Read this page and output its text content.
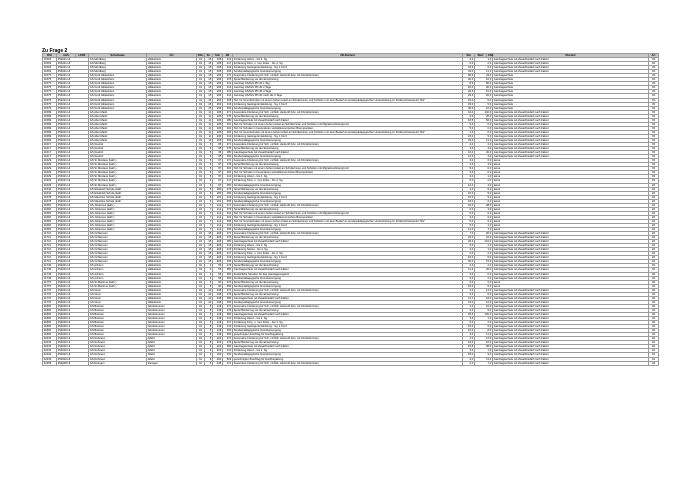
Zu Frage 2
DSt	AGS	LKRZ	Schulname	Ort	SGL	KL	Sch	ZB	ZB-Klartext	Std	Wert	ANZ	Klartext	Art
11563	254021 HI		GS Mordberg	Hildesheim	01	15	006	413	Förderung Hören - bis 4. Sg.	3,0	1,0		Ganztagsschule mit Zusatzbedarf nach Faktor	03
11563	254021 HI		GS Mordberg	Hildesheim	01	15	006	417	Förderung Körp. u. mot. Entw. - bis 4. Sg.	6,0	2,0		Ganztagsschule mit Zusatzbedarf nach Faktor	03
11563	254021 HI		GS Mordberg	Hildesheim	01	15	006	419	Förderung Geistige Entwicklung - Sg. 1 bis 6	15,0	5,0		Ganztagsschule mit Zusatzbedarf nach Faktor	03
11563	254021 HI		GS Mordberg	Hildesheim	01	15	006	450	Sonderpädagogische Grundversorgung	33,0	11,0		Ganztagsschule mit Zusatzbedarf nach Faktor	03
11575	254021 HI		GS Nord Hildesheim	Hildesheim	01	15	293	371	besondere Förderung für Sch. nichtdt. Herkunft bzw. mit Förderkonzept	86,0	43,0		Ganztagsschule	03
11575	254021 HI		GS Nord Hildesheim	Hildesheim	01	15	293	376	Sprachförderung vor der Einschulung	20,0	10,0		Ganztagsschule	03
11575	254021 HI		GS Nord Hildesheim	Hildesheim	01	15	293	312	Ganztag GS/IGS Pfl.HS 1 Tag	8,0	80,0		Ganztagsschule	03
11575	254021 HI		GS Nord Hildesheim	Hildesheim	01	15	293	313	Ganztag GS/IGS Pfl.HS 2 Tage	18,0	90,0		Ganztagsschule	03
11575	254021 HI		GS Nord Hildesheim	Hildesheim	01	15	293	315	Ganztag GS/IGS Pfl.HS 3 Tage	20,4	61,0		Ganztagsschule	03
11575	254021 HI		GS Nord Hildesheim	Hildesheim	01	15	293	314	Ganztag GS/IGS Pfl.HS mehr als 3 Tage	29,6	92,0		Ganztagsschule	03
11575	254021 HI		GS Nord Hildesheim	Hildesheim	01	15	293	405	Std. für Grundschulen mit einem hohen Anteil an Schülerinnen und Schülern mit dem Bedarf an sonderpädagogischer Unterstützung im Förderschwerpunkt "ES"	15,0	5,0		Ganztagsschule	03
11575	254021 HI		GS Nord Hildesheim	Hildesheim	01	15	293	419	Förderung Geistige Entwicklung - Sg. 1 bis 6	15,0	5,0		Ganztagsschule	03
11575	254021 HI		GS Nord Hildesheim	Hildesheim	01	15	293	450	Sonderpädagogische Grundversorgung	30,0	10,0		Ganztagsschule	03
11599	254021 HI		GS Alter Markt	Hildesheim	01	11	206	371	besondere Förderung für Sch. nichtdt. Herkunft bzw. mit Förderkonzept	42,0	140,0		Ganztagsschule mit Zusatzbedarf nach Faktor	03
11599	254021 HI		GS Alter Markt	Hildesheim	01	11	206	376	Sprachförderung vor der Einschulung	5,0	25,0		Ganztagsschule mit Zusatzbedarf nach Faktor	03
11599	254021 HI		GS Alter Markt	Hildesheim	01	11	206	380	Ganztagsschule mit Zusatzbedarf nach Faktor	18,5	66,0		Ganztagsschule mit Zusatzbedarf nach Faktor	03
11599	254021 HI		GS Alter Markt	Hildesheim	01	11	206	401	Std. für Schulen mit einem hohen Anteil an Schülerinnen und Schülern mit Migrationshintergrund	5,0	0,0		Ganztagsschule mit Zusatzbedarf nach Faktor	03
11599	254021 HI		GS Alter Markt	Hildesheim	01	11	206	402	Std. für Schulen in besonderen sozialökonomischen Brennpunkten	5,0	0,0		Ganztagsschule mit Zusatzbedarf nach Faktor	03
11599	254021 HI		GS Alter Markt	Hildesheim	01	11	206	405	Std. für Grundschulen mit einem hohen Anteil an Schülerinnen und Schülern mit dem Bedarf an sonderpädagogischer Unterstützung im Förderschwerpunkt "ES"	2,0	0,0		Ganztagsschule mit Zusatzbedarf nach Faktor	03
11599	254021 HI		GS Alter Markt	Hildesheim	01	11	206	419	Förderung Geistige Entwicklung - Sg. 1 bis 6	15,0	5,0		Ganztagsschule mit Zusatzbedarf nach Faktor	03
11599	254021 HI		GS Alter Markt	Hildesheim	01	11	206	450	Sonderpädagogische Grundversorgung	33,0	11,0		Ganztagsschule mit Zusatzbedarf nach Faktor	03
11617	254021 HI		GS Neuhof	Hildesheim	01	6	95	371	besondere Förderung für Sch. nichtdt. Herkunft bzw. mit Förderkonzept	2,0	2,0		Ganztagsschule mit Zusatzbedarf nach Faktor	03
11617	254021 HI		GS Neuhof	Hildesheim	01	6	95	376	Sprachförderung vor der Einschulung	3,0	3,0		Ganztagsschule mit Zusatzbedarf nach Faktor	03
11617	254021 HI		GS Neuhof	Hildesheim	01	6	95	380	Ganztagsschule mit Zusatzbedarf nach Faktor	10,0	30,0		Ganztagsschule mit Zusatzbedarf nach Faktor	03
11617	254021 HI		GS Neuhof	Hildesheim	01	6	95	450	Sonderpädagogische Grundversorgung	12,0	4,0		Ganztagsschule mit Zusatzbedarf nach Faktor	03
11629	254021 HI		GS St.Nicolaus (kath.)	Hildesheim	01	6	97	371	besondere Förderung für Sch. nichtdt. Herkunft bzw. mit Förderkonzept	3,0	6,0		keine	03
11629	254021 HI		GS St.Nicolaus (kath.)	Hildesheim	01	6	97	376	Sprachförderung vor der Einschulung	3,0	3,0		keine	03
11629	254021 HI		GS St.Nicolaus (kath.)	Hildesheim	01	6	97	401	Std. für Schulen mit einem hohen Anteil an Schülerinnen und Schülern mit Migrationshintergrund	5,0	0,0		keine	03
11629	254021 HI		GS St.Nicolaus (kath.)	Hildesheim	01	6	97	402	Std. für Schulen in besonderen sozialökonomischen Brennpunkten	3,0	0,0		keine	03
11629	254021 HI		GS St.Nicolaus (kath.)	Hildesheim	01	6	97	413	Förderung Hören - bis 4. Sg.	3,0	1,0		keine	03
11629	254021 HI		GS St.Nicolaus (kath.)	Hildesheim	01	6	97	417	Förderung Körp. u. mot. Entw. - bis 4. Sg.	6,0	2,0		keine	03
11629	254021 HI		GS St.Nicolaus (kath.)	Hildesheim	01	6	97	450	Sonderpädagogische Grundversorgung	12,0	4,0		keine	03
11642	254021 HI		GS Elisabeth Schule (kath.	Hildesheim	01	5	180	376	Sprachförderung vor der Einschulung	1,0	5,0		keine	03
11642	254021 HI		GS Elisabeth Schule (kath.	Hildesheim	01	5	180	450	Sonderpädagogische Grundversorgung	15,0	5,0		keine	03
11678	254021 HI		GS Mauritius Schule (kath.	Hildesheim	01	6	161	419	Förderung Geistige Entwicklung - Sg. 1 bis 6	15,0	5,0		keine	03
11678	254021 HI		GS Mauritius Schule (kath.	Hildesheim	01	6	161	450	Sonderpädagogische Grundversorgung	18,0	6,0		keine	03
11681	254021 HI		GS Johannes (kath.)	Hildesheim	01	7	112	371	besondere Förderung für Sch. nichtdt. Herkunft bzw. mit Förderkonzept	16,0	48,0		keine	03
11681	254021 HI		GS Johannes (kath.)	Hildesheim	01	7	112	376	Sprachförderung vor der Einschulung	6,0	3,0		keine	03
11681	254021 HI		GS Johannes (kath.)	Hildesheim	01	7	112	401	Std. für Schulen mit einem hohen Anteil an Schülerinnen und Schülern mit Migrationshintergrund	5,0	0,0		keine	03
11681	254021 HI		GS Johannes (kath.)	Hildesheim	01	7	112	402	Std. für Schulen in besonderen sozialökonomischen Brennpunkten	3,0	0,0		keine	03
11681	254021 HI		GS Johannes (kath.)	Hildesheim	01	7	112	405	Std. für Grundschulen mit einem hohen Anteil an Schülerinnen und Schülern mit dem Bedarf an sonderpädagogischer Unterstützung im Förderschwerpunkt "ES"	5,0	0,0		keine	03
11681	254021 HI		GS Johannes (kath.)	Hildesheim	01	7	112	419	Förderung Geistige Entwicklung - Sg. 1 bis 6	5,0	1,0		keine	03
11681	254021 HI		GS Johannes (kath.)	Hildesheim	01	7	112	450	Sonderpädagogische Grundversorgung	14,0	7,0		keine	03
11721	254021 HI		GS Ochtersum	Hildesheim	01	15	306	371	besondere Förderung für Sch. nichtdt. Herkunft bzw. mit Förderkonzept	7,0	20,0		Ganztagsschule mit Zusatzbedarf nach Faktor	03
11721	254021 HI		GS Ochtersum	Hildesheim	01	15	306	376	Sprachförderung vor der Einschulung	22,0	22,0		Ganztagsschule mit Zusatzbedarf nach Faktor	03
11721	254021 HI		GS Ochtersum	Hildesheim	01	15	306	380	Ganztagsschule mit Zusatzbedarf nach Faktor	26,4	131,0		Ganztagsschule mit Zusatzbedarf nach Faktor	03
11721	254021 HI		GS Ochtersum	Hildesheim	01	15	306	413	Förderung Hören - bis 4. Sg.	6,0	2,0		Ganztagsschule mit Zusatzbedarf nach Faktor	03
11721	254021 HI		GS Ochtersum	Hildesheim	01	15	306	415	Förderung Sehen - bis 4. Sg.	3,0	1,0		Ganztagsschule mit Zusatzbedarf nach Faktor	03
11721	254021 HI		GS Ochtersum	Hildesheim	01	15	306	417	Förderung Körp. u. mot. Entw. - bis 4. Sg.	6,0	2,0		Ganztagsschule mit Zusatzbedarf nach Faktor	03
11721	254021 HI		GS Ochtersum	Hildesheim	01	15	306	419	Förderung Geistige Entwicklung - Sg. 1 bis 6	15,0	5,0		Ganztagsschule mit Zusatzbedarf nach Faktor	03
11721	254021 HI		GS Ochtersum	Hildesheim	01	15	306	450	Sonderpädagogische Grundversorgung	30,0	15,0		Ganztagsschule mit Zusatzbedarf nach Faktor	03
11745	254021 HI		GS Achtum	Hildesheim	01	4	56	376	Sprachförderung vor der Einschulung	2,0	2,0		Ganztagsschule mit Zusatzbedarf nach Faktor	03
11745	254021 HI		GS Achtum	Hildesheim	01	4	56	380	Ganztagsschule mit Zusatzbedarf nach Faktor	11,4	46,0		Ganztagsschule mit Zusatzbedarf nach Faktor	03
11745	254021 HI		GS Achtum	Hildesheim	01	4	56	381	Zusätzliche Stunden für das Ganztagsangebot	3,0	0,0		Ganztagsschule mit Zusatzbedarf nach Faktor	03
11745	254021 HI		GS Achtum	Hildesheim	01	4	56	450	Sonderpädagogische Grundversorgung	6,0	2,0		Ganztagsschule mit Zusatzbedarf nach Faktor	03
11757	254021 HI		GS St.Martinus (kath.)	Hildesheim	01	5	90	376	Sprachförderung vor der Einschulung	5,0	5,0		keine	03
11757	254021 HI		GS St.Martinus (kath.)	Hildesheim	01	5	90	450	Sonderpädagogische Grundversorgung	10,0	5,0		keine	03
11770	254021 HI		GS Itzum	Hildesheim	01	12	245	371	besondere Förderung für Sch. nichtdt. Herkunft bzw. mit Förderkonzept	4,0	14,0		Ganztagsschule mit Zusatzbedarf nach Faktor	03
11770	254021 HI		GS Itzum	Hildesheim	01	12	245	376	Sprachförderung vor der Einschulung	6,0	6,0		Ganztagsschule mit Zusatzbedarf nach Faktor	03
11770	254021 HI		GS Itzum	Hildesheim	01	12	245	380	Ganztagsschule mit Zusatzbedarf nach Faktor	11,7	44,0		Ganztagsschule mit Zusatzbedarf nach Faktor	03
11770	254021 HI		GS Itzum	Hildesheim	01	12	245	450	Sonderpädagogische Grundversorgung	24,0	12,0		Ganztagsschule mit Zusatzbedarf nach Faktor	03
11800	254026 HI		GS Barnten	Nordstemmen	01	8	149	371	besondere Förderung für Sch. nichtdt. Herkunft bzw. mit Förderkonzept	4,0	10,0		Ganztagsschule mit Zusatzbedarf nach Faktor	03
11800	254026 HI		GS Barnten	Nordstemmen	01	8	149	376	Sprachförderung vor der Einschulung	9,0	9,0		Ganztagsschule mit Zusatzbedarf nach Faktor	03
11800	254026 HI		GS Barnten	Nordstemmen	01	8	149	380	Ganztagsschule mit Zusatzbedarf nach Faktor	26,5	130,0		Ganztagsschule mit Zusatzbedarf nach Faktor	03
11800	254026 HI		GS Barnten	Nordstemmen	01	8	149	413	Förderung Hören - bis 4. Sg.	3,0	1,0		Ganztagsschule mit Zusatzbedarf nach Faktor	03
11800	254026 HI		GS Barnten	Nordstemmen	01	8	149	417	Förderung Körp. u. mot. Entw. - bis 4. Sg.	6,0	2,0		Ganztagsschule mit Zusatzbedarf nach Faktor	03
11800	254026 HI		GS Barnten	Nordstemmen	01	8	149	419	Förderung Geistige Entwicklung - Sg. 1 bis 6	15,0	5,0		Ganztagsschule mit Zusatzbedarf nach Faktor	03
11800	254026 HI		GS Barnten	Nordstemmen	01	8	149	450	Sonderpädagogische Grundversorgung	16,0	8,0		Ganztagsschule mit Zusatzbedarf nach Faktor	03
11800	254026 HI		GS Barnten	Nordstemmen	01	8	149	503	genehmigter Zuschlag für Hochbegabung	3,0	11,0		Ganztagsschule mit Zusatzbedarf nach Faktor	03
32232	254002 HI		GS Dohnsen	Alfeld	01	8	202	371	besondere Förderung für Sch. nichtdt. Herkunft bzw. mit Förderkonzept	4,0	12,0		Ganztagsschule mit Zusatzbedarf nach Faktor	04
32232	254002 HI		GS Dohnsen	Alfeld	01	8	202	376	Sprachförderung vor der Einschulung	16,0	16,0		Ganztagsschule mit Zusatzbedarf nach Faktor	04
32232	254002 HI		GS Dohnsen	Alfeld	01	9	202	380	Ganztagsschule mit Zusatzbedarf nach Faktor	15,8	38,0		Ganztagsschule mit Zusatzbedarf nach Faktor	04
32232	254002 HI		GS Dohnsen	Alfeld	01	9	202	413	Förderung Hören - bis 4. Sg.	3,0	1,0		Ganztagsschule mit Zusatzbedarf nach Faktor	04
32232	254002 HI		GS Dohnsen	Alfeld	01	9	202	450	Sonderpädagogische Grundversorgung	18,0	9,0		Ganztagsschule mit Zusatzbedarf nach Faktor	04
32232	254002 HI		GS Dohnsen	Alfeld	01	9	202	503	genehmigter Zuschlag für Hochbegabung	4,0	11,0		Ganztagsschule mit Zusatzbedarf nach Faktor	04
32256	254008 HI		GS Duingen	Duingen	01	8	145	371	besondere Förderung für Sch. nichtdt. Herkunft bzw. mit Förderkonzept	2,0	7,0		Ganztagsschule mit Zusatzbedarf nach Faktor	04
